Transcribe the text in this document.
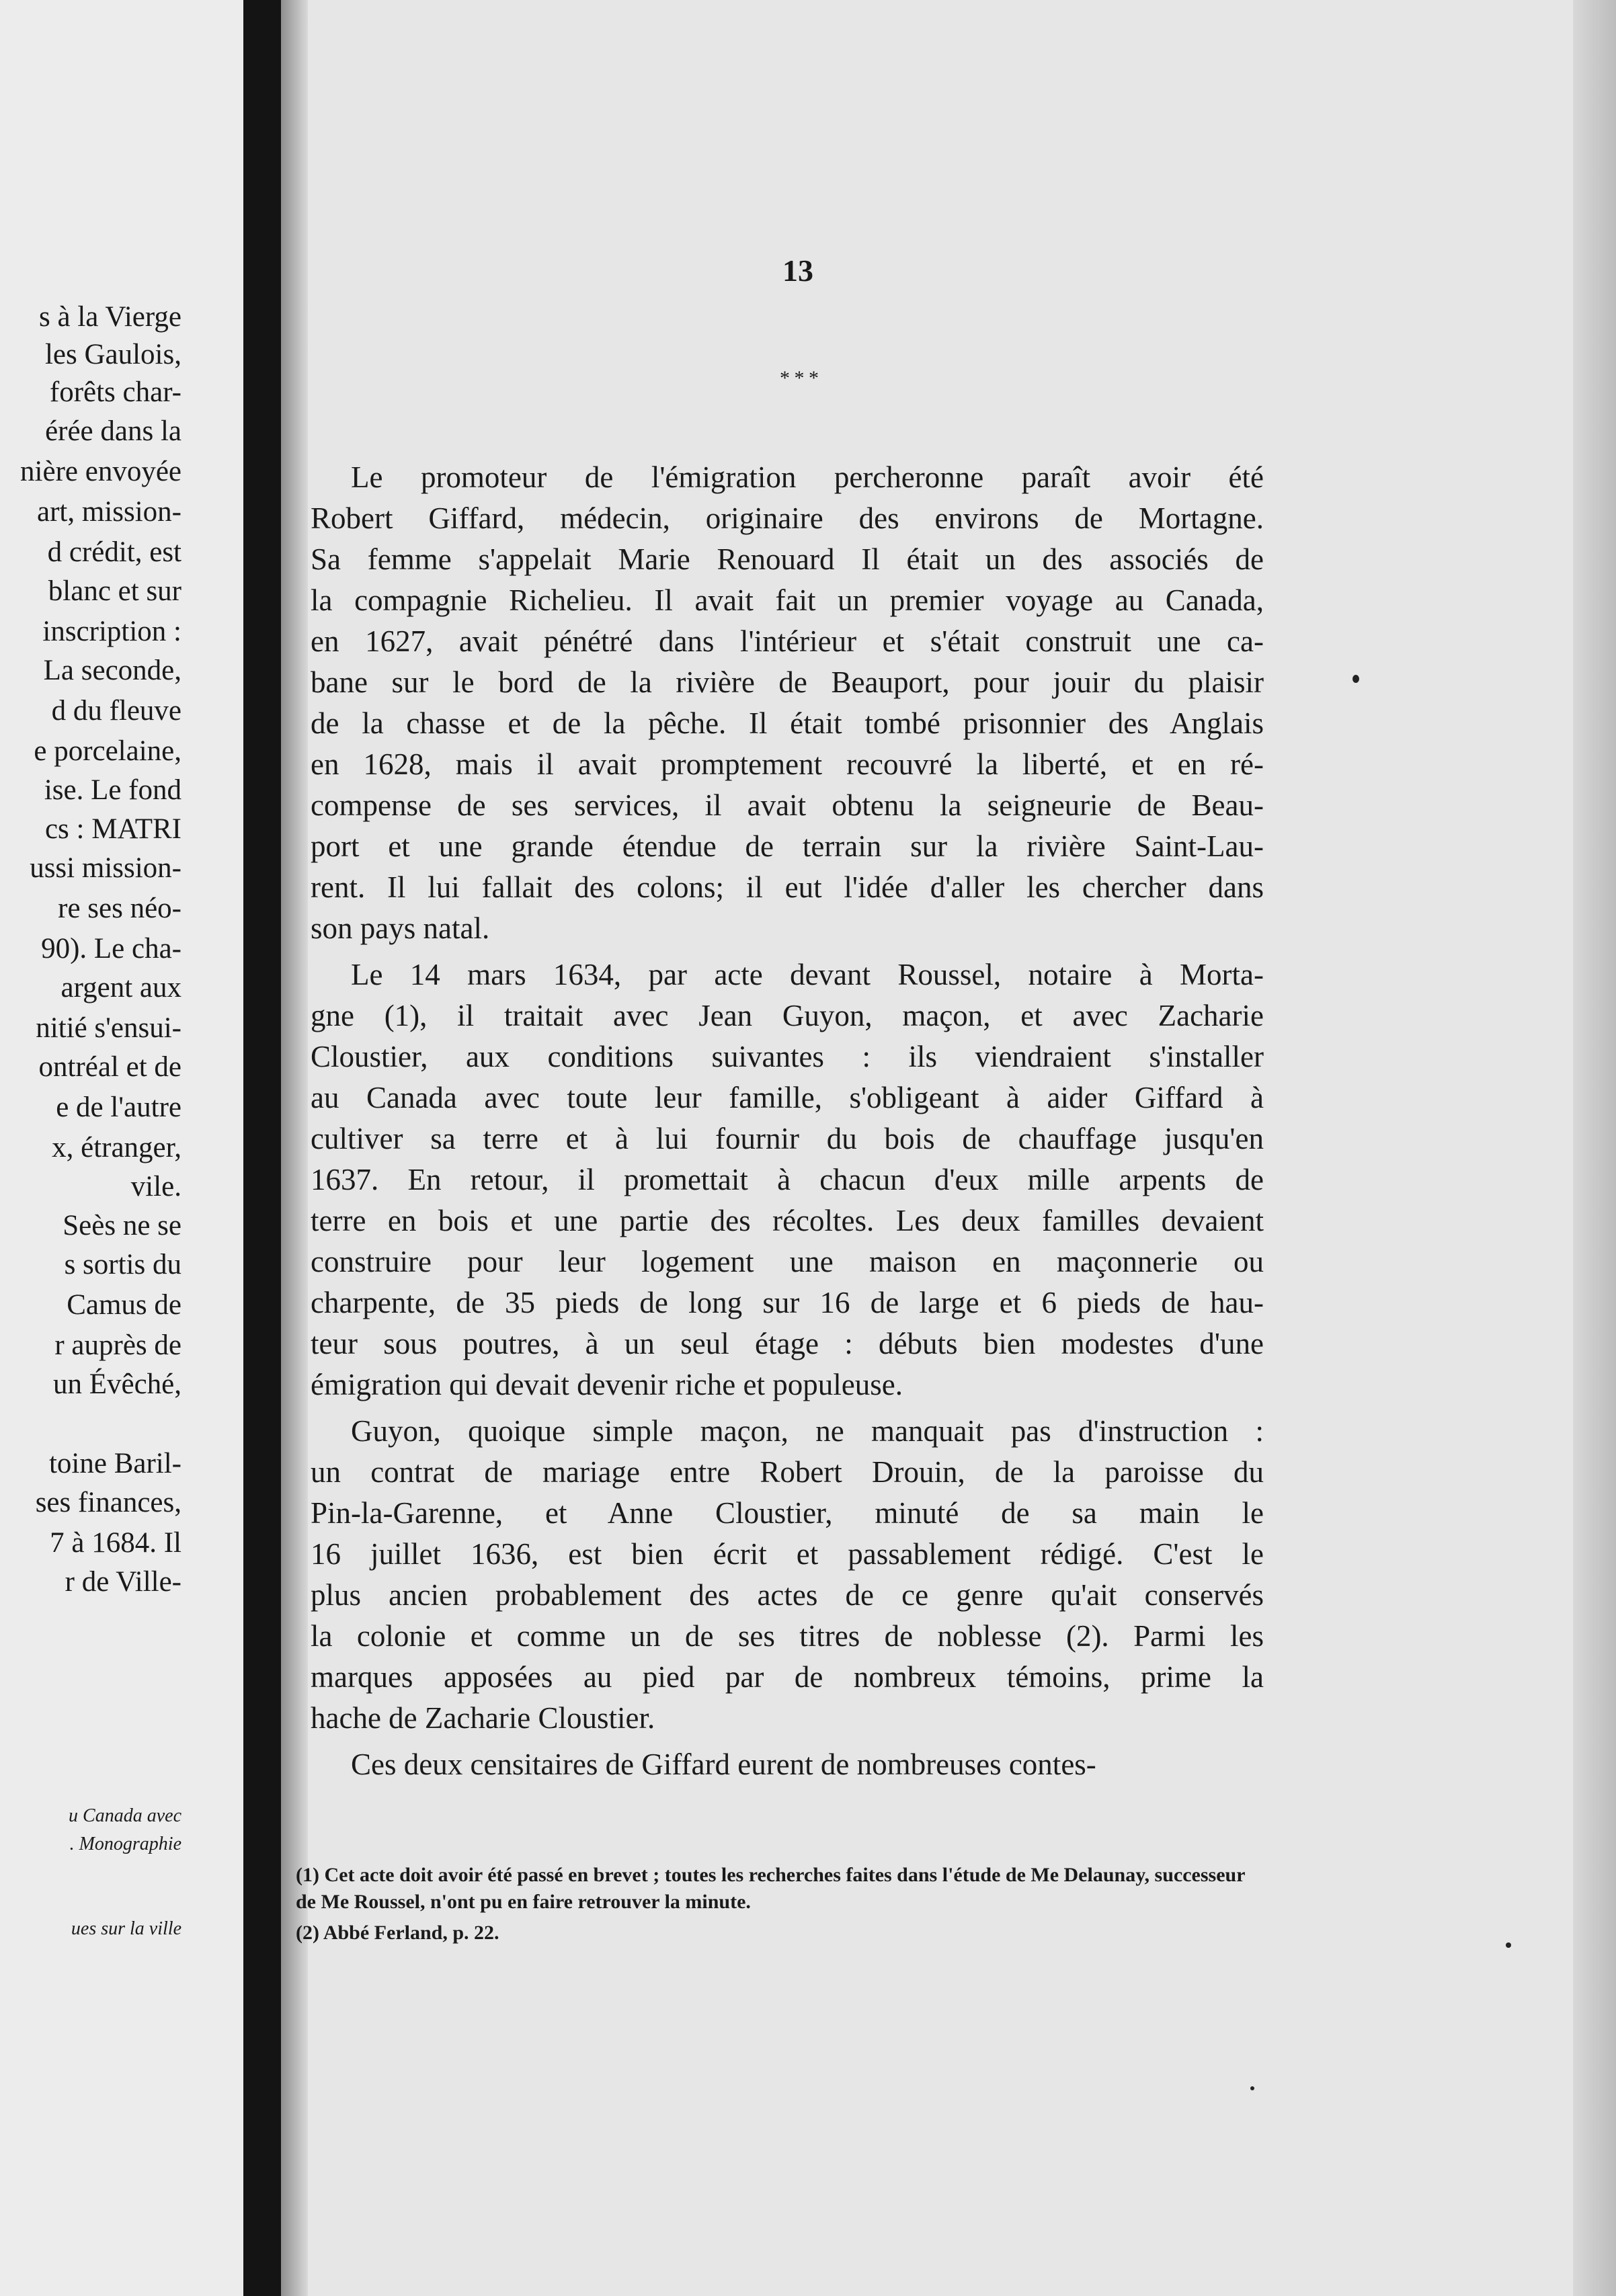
s à la Vierge
les Gaulois,
forêts char-
érée dans la
nière envoyée
art, mission-
d crédit, est
blanc et sur
inscription :
La seconde,
d du fleuve
e porcelaine,
ise. Le fond
cs : MATRI
ussi mission-
re ses néo-
90). Le cha-
argent aux
nitié s'ensui-
ontréal et de
e de l'autre
x, étranger,
vile.
Seès ne se
s sortis du
Camus de
r auprès de
un Évêché,
toine Baril-
ses finances,
7 à 1684. Il
r de Ville-
u Canada avec
. Monographie
ues sur la ville
13
* * *
Le promoteur de l'émigration percheronne paraît avoir été
Robert Giffard, médecin, originaire des environs de Mortagne.
Sa femme s'appelait Marie Renouard Il était un des associés de
la compagnie Richelieu. Il avait fait un premier voyage au Canada,
en 1627, avait pénétré dans l'intérieur et s'était construit une ca-
bane sur le bord de la rivière de Beauport, pour jouir du plaisir
de la chasse et de la pêche. Il était tombé prisonnier des Anglais
en 1628, mais il avait promptement recouvré la liberté, et en ré-
compense de ses services, il avait obtenu la seigneurie de Beau-
port et une grande étendue de terrain sur la rivière Saint-Lau-
rent. Il lui fallait des colons; il eut l'idée d'aller les chercher dans
son pays natal.
Le 14 mars 1634, par acte devant Roussel, notaire à Morta-
gne (1), il traitait avec Jean Guyon, maçon, et avec Zacharie
Cloustier, aux conditions suivantes : ils viendraient s'installer
au Canada avec toute leur famille, s'obligeant à aider Giffard à
cultiver sa terre et à lui fournir du bois de chauffage jusqu'en
1637. En retour, il promettait à chacun d'eux mille arpents de
terre en bois et une partie des récoltes. Les deux familles devaient
construire pour leur logement une maison en maçonnerie ou
charpente, de 35 pieds de long sur 16 de large et 6 pieds de hau-
teur sous poutres, à un seul étage : débuts bien modestes d'une
émigration qui devait devenir riche et populeuse.
Guyon, quoique simple maçon, ne manquait pas d'instruction :
un contrat de mariage entre Robert Drouin, de la paroisse du
Pin-la-Garenne, et Anne Cloustier, minuté de sa main le
16 juillet 1636, est bien écrit et passablement rédigé. C'est le
plus ancien probablement des actes de ce genre qu'ait conservés
la colonie et comme un de ses titres de noblesse (2). Parmi les
marques apposées au pied par de nombreux témoins, prime la
hache de Zacharie Cloustier.
Ces deux censitaires de Giffard eurent de nombreuses contes-

(1) Cet acte doit avoir été passé en brevet ; toutes les recherches faites dans l'étude de Me Delaunay, successeur de Me Roussel, n'ont pu en faire retrouver la minute.

(2) Abbé Ferland, p. 22.
